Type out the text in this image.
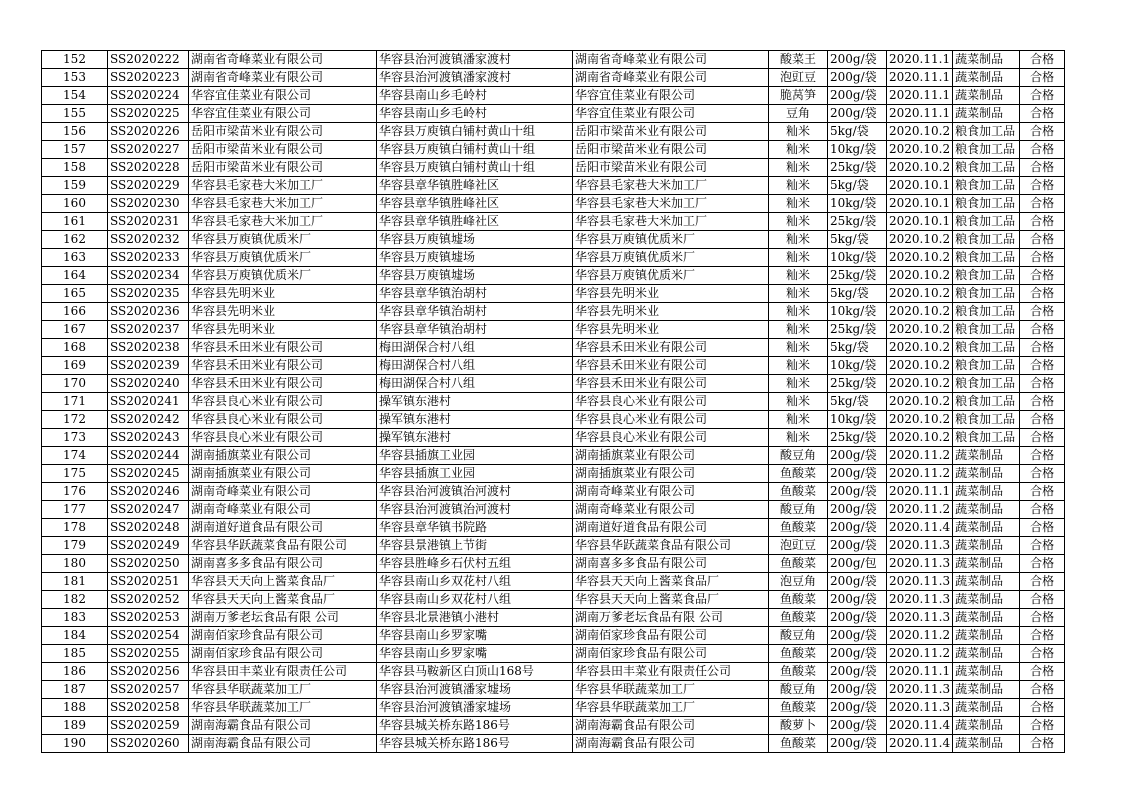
152	SS2020222	湖南省奇峰菜业有限公司	华容县治河渡镇潘家渡村	湖南省奇峰菜业有限公司	酸菜王	200g/袋	2020.11.1	蔬菜制品	合格
153	SS2020223	湖南省奇峰菜业有限公司	华容县治河渡镇潘家渡村	湖南省奇峰菜业有限公司	泡豇豆	200g/袋	2020.11.1	蔬菜制品	合格
154	SS2020224	华容宜佳菜业有限公司	华容县南山乡毛岭村	华容宜佳菜业有限公司	脆莴笋	200g/袋	2020.11.1	蔬菜制品	合格
155	SS2020225	华容宜佳菜业有限公司	华容县南山乡毛岭村	华容宜佳菜业有限公司	豆角	200g/袋	2020.11.1	蔬菜制品	合格
156	SS2020226	岳阳市梁苗米业有限公司	华容县万庾镇白铺村黄山十组	岳阳市梁苗米业有限公司	籼米	5kg/袋	2020.10.2	粮食加工品	合格
157	SS2020227	岳阳市梁苗米业有限公司	华容县万庾镇白铺村黄山十组	岳阳市梁苗米业有限公司	籼米	10kg/袋	2020.10.2	粮食加工品	合格
158	SS2020228	岳阳市梁苗米业有限公司	华容县万庾镇白铺村黄山十组	岳阳市梁苗米业有限公司	籼米	25kg/袋	2020.10.2	粮食加工品	合格
159	SS2020229	华容县毛家巷大米加工厂	华容县章华镇胜峰社区	华容县毛家巷大米加工厂	籼米	5kg/袋	2020.10.1	粮食加工品	合格
160	SS2020230	华容县毛家巷大米加工厂	华容县章华镇胜峰社区	华容县毛家巷大米加工厂	籼米	10kg/袋	2020.10.1	粮食加工品	合格
161	SS2020231	华容县毛家巷大米加工厂	华容县章华镇胜峰社区	华容县毛家巷大米加工厂	籼米	25kg/袋	2020.10.1	粮食加工品	合格
162	SS2020232	华容县万庾镇优质米厂	华容县万庾镇墟场	华容县万庾镇优质米厂	籼米	5kg/袋	2020.10.2	粮食加工品	合格
163	SS2020233	华容县万庾镇优质米厂	华容县万庾镇墟场	华容县万庾镇优质米厂	籼米	10kg/袋	2020.10.2	粮食加工品	合格
164	SS2020234	华容县万庾镇优质米厂	华容县万庾镇墟场	华容县万庾镇优质米厂	籼米	25kg/袋	2020.10.2	粮食加工品	合格
165	SS2020235	华容县先明米业	华容县章华镇治胡村	华容县先明米业	籼米	5kg/袋	2020.10.2	粮食加工品	合格
166	SS2020236	华容县先明米业	华容县章华镇治胡村	华容县先明米业	籼米	10kg/袋	2020.10.2	粮食加工品	合格
167	SS2020237	华容县先明米业	华容县章华镇治胡村	华容县先明米业	籼米	25kg/袋	2020.10.2	粮食加工品	合格
168	SS2020238	华容县禾田米业有限公司	梅田湖保合村八组	华容县禾田米业有限公司	籼米	5kg/袋	2020.10.2	粮食加工品	合格
169	SS2020239	华容县禾田米业有限公司	梅田湖保合村八组	华容县禾田米业有限公司	籼米	10kg/袋	2020.10.2	粮食加工品	合格
170	SS2020240	华容县禾田米业有限公司	梅田湖保合村八组	华容县禾田米业有限公司	籼米	25kg/袋	2020.10.2	粮食加工品	合格
171	SS2020241	华容县良心米业有限公司	操军镇东港村	华容县良心米业有限公司	籼米	5kg/袋	2020.10.2	粮食加工品	合格
172	SS2020242	华容县良心米业有限公司	操军镇东港村	华容县良心米业有限公司	籼米	10kg/袋	2020.10.2	粮食加工品	合格
173	SS2020243	华容县良心米业有限公司	操军镇东港村	华容县良心米业有限公司	籼米	25kg/袋	2020.10.2	粮食加工品	合格
174	SS2020244	湖南插旗菜业有限公司	华容县插旗工业园	湖南插旗菜业有限公司	酸豆角	200g/袋	2020.11.2	蔬菜制品	合格
175	SS2020245	湖南插旗菜业有限公司	华容县插旗工业园	湖南插旗菜业有限公司	鱼酸菜	200g/袋	2020.11.2	蔬菜制品	合格
176	SS2020246	湖南奇峰菜业有限公司	华容县治河渡镇治河渡村	湖南奇峰菜业有限公司	鱼酸菜	200g/袋	2020.11.1	蔬菜制品	合格
177	SS2020247	湖南奇峰菜业有限公司	华容县治河渡镇治河渡村	湖南奇峰菜业有限公司	酸豆角	200g/袋	2020.11.2	蔬菜制品	合格
178	SS2020248	湖南道好道食品有限公司	华容县章华镇书院路	湖南道好道食品有限公司	鱼酸菜	200g/袋	2020.11.4	蔬菜制品	合格
179	SS2020249	华容县华跃蔬菜食品有限公司	华容县景港镇上节街	华容县华跃蔬菜食品有限公司	泡豇豆	200g/袋	2020.11.3	蔬菜制品	合格
180	SS2020250	湖南喜多多食品有限公司	华容县胜峰乡石伏村五组	湖南喜多多食品有限公司	鱼酸菜	200g/包	2020.11.3	蔬菜制品	合格
181	SS2020251	华容县天天向上酱菜食品厂	华容县南山乡双花村八组	华容县天天向上酱菜食品厂	泡豆角	200g/袋	2020.11.3	蔬菜制品	合格
182	SS2020252	华容县天天向上酱菜食品厂	华容县南山乡双花村八组	华容县天天向上酱菜食品厂	鱼酸菜	200g/袋	2020.11.3	蔬菜制品	合格
183	SS2020253	湖南万爹老坛食品有限 公司	华容县北景港镇小港村	湖南万爹老坛食品有限 公司	鱼酸菜	200g/袋	2020.11.3	蔬菜制品	合格
184	SS2020254	湖南佰家珍食品有限公司	华容县南山乡罗家嘴	湖南佰家珍食品有限公司	酸豆角	200g/袋	2020.11.2	蔬菜制品	合格
185	SS2020255	湖南佰家珍食品有限公司	华容县南山乡罗家嘴	湖南佰家珍食品有限公司	鱼酸菜	200g/袋	2020.11.2	蔬菜制品	合格
186	SS2020256	华容县田丰菜业有限责任公司	华容县马鞍新区白顶山168号	华容县田丰菜业有限责任公司	鱼酸菜	200g/袋	2020.11.1	蔬菜制品	合格
187	SS2020257	华容县华联蔬菜加工厂	华容县治河渡镇潘家墟场	华容县华联蔬菜加工厂	酸豆角	200g/袋	2020.11.3	蔬菜制品	合格
188	SS2020258	华容县华联蔬菜加工厂	华容县治河渡镇潘家墟场	华容县华联蔬菜加工厂	鱼酸菜	200g/袋	2020.11.3	蔬菜制品	合格
189	SS2020259	湖南海霸食品有限公司	华容县城关桥东路186号	湖南海霸食品有限公司	酸萝卜	200g/袋	2020.11.4	蔬菜制品	合格
190	SS2020260	湖南海霸食品有限公司	华容县城关桥东路186号	湖南海霸食品有限公司	鱼酸菜	200g/袋	2020.11.4	蔬菜制品	合格
